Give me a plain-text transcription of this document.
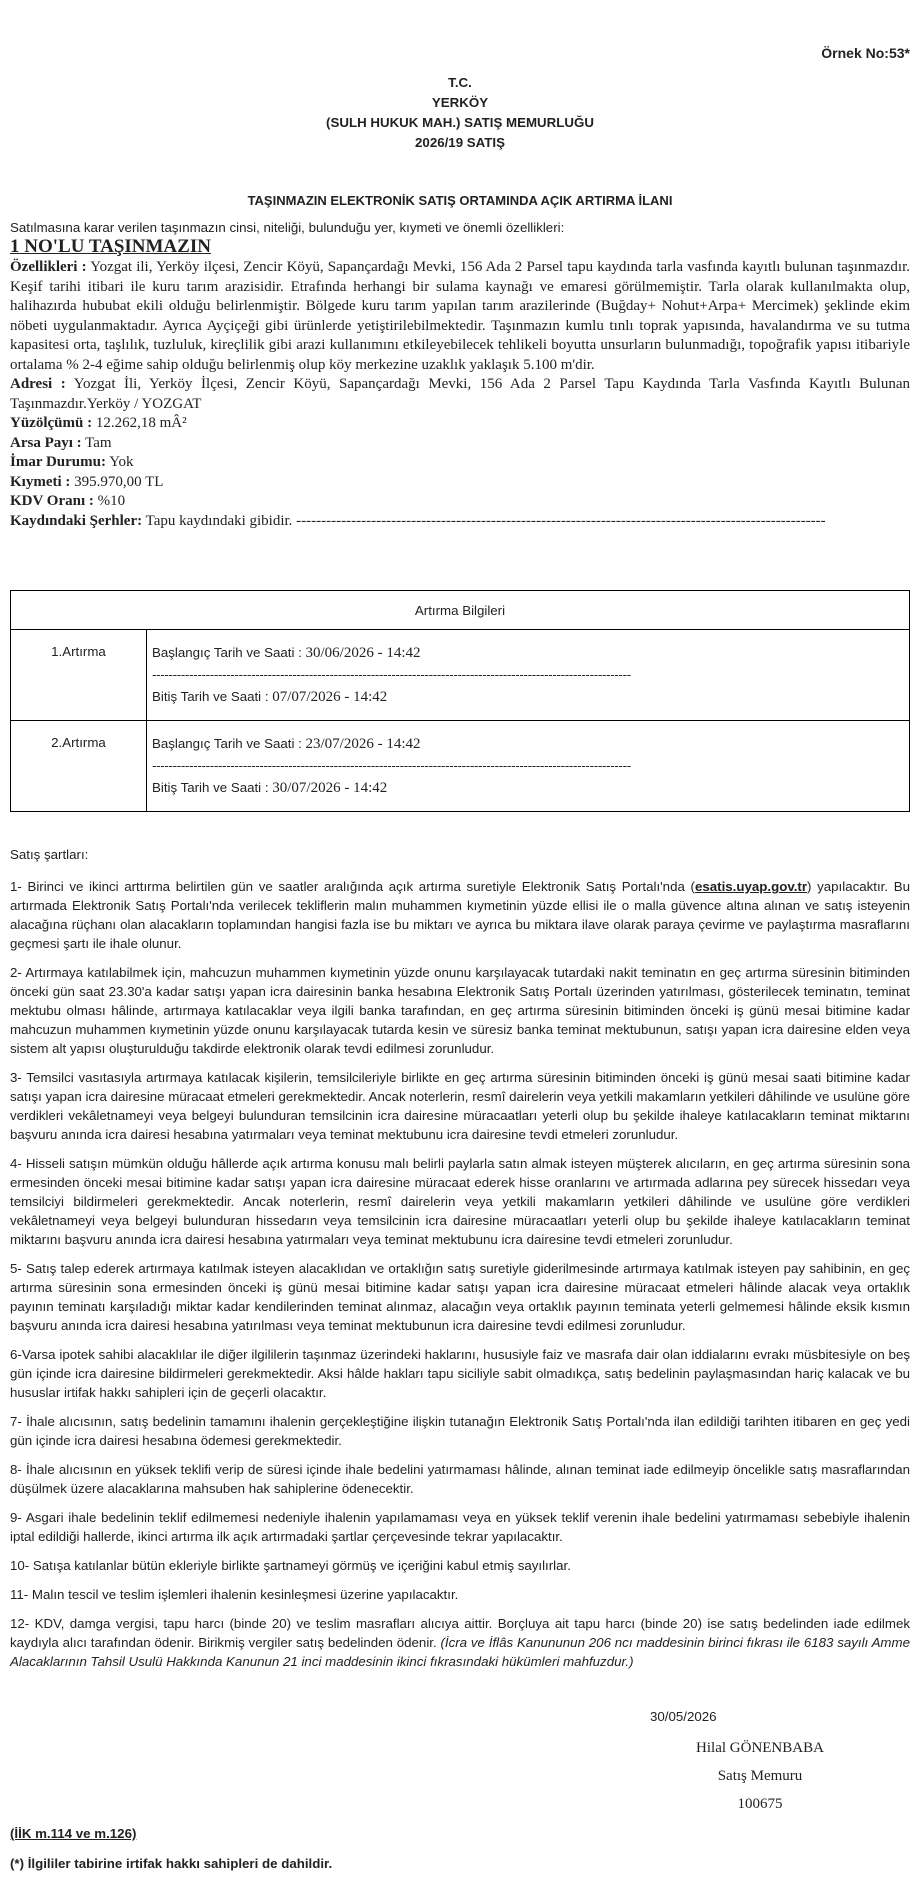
Örnek No:53*
T.C.
YERKÖY
(SULH HUKUK MAH.) SATIŞ MEMURLUĞU
2026/19 SATIŞ
TAŞINMAZIN ELEKTRONİK SATIŞ ORTAMINDA AÇIK ARTIRMA İLANI
Satılmasına karar verilen taşınmazın cinsi, niteliği, bulunduğu yer, kıymeti ve önemli özellikleri:
1 NO'LU TAŞINMAZIN
Özellikleri : Yozgat ili, Yerköy ilçesi, Zencir Köyü, Sapançardağı Mevki, 156 Ada 2 Parsel tapu kaydında tarla vasfında kayıtlı bulunan taşınmazdır. Keşif tarihi itibari ile kuru tarım arazisidir. Etrafında herhangi bir sulama kaynağı ve emaresi görülmemiştir. Tarla olarak kullanılmakta olup, halihazırda hububat ekili olduğu belirlenmiştir. Bölgede kuru tarım yapılan tarım arazilerinde (Buğday+ Nohut+Arpa+ Mercimek) şeklinde ekim nöbeti uygulanmaktadır. Ayrıca Ayçiçeği gibi ürünlerde yetiştirilebilmektedir. Taşınmazın kumlu tınlı toprak yapısında, havalandırma ve su tutma kapasitesi orta, taşlılık, tuzluluk, kireçlilik gibi arazi kullanımını etkileyebilecek tehlikeli boyutta unsurların bulunmadığı, topoğrafik yapısı itibariyle ortalama % 2-4 eğime sahip olduğu belirlenmiş olup köy merkezine uzaklık yaklaşık 5.100 m'dir.
Adresi : Yozgat İli, Yerköy İlçesi, Zencir Köyü, Sapançardağı Mevki, 156 Ada 2 Parsel Tapu Kaydında Tarla Vasfında Kayıtlı Bulunan Taşınmazdır.Yerköy / YOZGAT
Yüzölçümü : 12.262,18 mÂ²
Arsa Payı : Tam
İmar Durumu: Yok
Kıymeti : 395.970,00 TL
KDV Oranı : %10
Kaydındaki Şerhler: Tapu kaydındaki gibidir. ----------------------------------------------------------------------------------------------------------
Artırma Bilgileri	
1.Artırma	Başlangıç Tarih ve Saati : 30/06/2026 - 14:42
--------------------------------------------------------------------------------------------------------------------
Bitiş Tarih ve Saati : 07/07/2026 - 14:42

2.Artırma	Başlangıç Tarih ve Saati : 23/07/2026 - 14:42
--------------------------------------------------------------------------------------------------------------------
Bitiş Tarih ve Saati : 30/07/2026 - 14:42

Satış şartları:

1- Birinci ve ikinci arttırma belirtilen gün ve saatler aralığında açık artırma suretiyle Elektronik Satış Portalı'nda (esatis.uyap.gov.tr) yapılacaktır. Bu artırmada Elektronik Satış Portalı'nda verilecek tekliflerin malın muhammen kıymetinin yüzde ellisi ile o malla güvence altına alınan ve satış isteyenin alacağına rüçhanı olan alacakların toplamından hangisi fazla ise bu miktarı ve ayrıca bu miktara ilave olarak paraya çevirme ve paylaştırma masraflarını geçmesi şartı ile ihale olunur.

2- Artırmaya katılabilmek için, mahcuzun muhammen kıymetinin yüzde onunu karşılayacak tutardaki nakit teminatın en geç artırma süresinin bitiminden önceki gün saat 23.30'a kadar satışı yapan icra dairesinin banka hesabına Elektronik Satış Portalı üzerinden yatırılması, gösterilecek teminatın, teminat mektubu olması hâlinde, artırmaya katılacaklar veya ilgili banka tarafından, en geç artırma süresinin bitiminden önceki iş günü mesai bitimine kadar mahcuzun muhammen kıymetinin yüzde onunu karşılayacak tutarda kesin ve süresiz banka teminat mektubunun, satışı yapan icra dairesine elden veya sistem alt yapısı oluşturulduğu takdirde elektronik olarak tevdi edilmesi zorunludur.

3- Temsilci vasıtasıyla artırmaya katılacak kişilerin, temsilcileriyle birlikte en geç artırma süresinin bitiminden önceki iş günü mesai saati bitimine kadar satışı yapan icra dairesine müracaat etmeleri gerekmektedir. Ancak noterlerin, resmî dairelerin veya yetkili makamların yetkileri dâhilinde ve usulüne göre verdikleri vekâletnameyi veya belgeyi bulunduran temsilcinin icra dairesine müracaatları yeterli olup bu şekilde ihaleye katılacakların teminat miktarını başvuru anında icra dairesi hesabına yatırmaları veya teminat mektubunu icra dairesine tevdi etmeleri zorunludur.

4- Hisseli satışın mümkün olduğu hâllerde açık artırma konusu malı belirli paylarla satın almak isteyen müşterek alıcıların, en geç artırma süresinin sona ermesinden önceki mesai bitimine kadar satışı yapan icra dairesine müracaat ederek hisse oranlarını ve artırmada adlarına pey sürecek hissedarı veya temsilciyi bildirmeleri gerekmektedir. Ancak noterlerin, resmî dairelerin veya yetkili makamların yetkileri dâhilinde ve usulüne göre verdikleri vekâletnameyi veya belgeyi bulunduran hissedarın veya temsilcinin icra dairesine müracaatları yeterli olup bu şekilde ihaleye katılacakların teminat miktarını başvuru anında icra dairesi hesabına yatırmaları veya teminat mektubunu icra dairesine tevdi etmeleri zorunludur.

5- Satış talep ederek artırmaya katılmak isteyen alacaklıdan ve ortaklığın satış suretiyle giderilmesinde artırmaya katılmak isteyen pay sahibinin, en geç artırma süresinin sona ermesinden önceki iş günü mesai bitimine kadar satışı yapan icra dairesine müracaat etmeleri hâlinde alacak veya ortaklık payının teminatı karşıladığı miktar kadar kendilerinden teminat alınmaz, alacağın veya ortaklık payının teminata yeterli gelmemesi hâlinde eksik kısmın başvuru anında icra dairesi hesabına yatırılması veya teminat mektubunun icra dairesine tevdi edilmesi zorunludur.

6-Varsa ipotek sahibi alacaklılar ile diğer ilgililerin taşınmaz üzerindeki haklarını, hususiyle faiz ve masrafa dair olan iddialarını evrakı müsbitesiyle on beş gün içinde icra dairesine bildirmeleri gerekmektedir. Aksi hâlde hakları tapu siciliyle sabit olmadıkça, satış bedelinin paylaşmasından hariç kalacak ve bu hususlar irtifak hakkı sahipleri için de geçerli olacaktır.

7- İhale alıcısının, satış bedelinin tamamını ihalenin gerçekleştiğine ilişkin tutanağın Elektronik Satış Portalı'nda ilan edildiği tarihten itibaren en geç yedi gün içinde icra dairesi hesabına ödemesi gerekmektedir.

8- İhale alıcısının en yüksek teklifi verip de süresi içinde ihale bedelini yatırmaması hâlinde, alınan teminat iade edilmeyip öncelikle satış masraflarından düşülmek üzere alacaklarına mahsuben hak sahiplerine ödenecektir.

9- Asgari ihale bedelinin teklif edilmemesi nedeniyle ihalenin yapılamaması veya en yüksek teklif verenin ihale bedelini yatırmaması sebebiyle ihalenin iptal edildiği hallerde, ikinci artırma ilk açık artırmadaki şartlar çerçevesinde tekrar yapılacaktır.

10- Satışa katılanlar bütün ekleriyle birlikte şartnameyi görmüş ve içeriğini kabul etmiş sayılırlar.

11- Malın tescil ve teslim işlemleri ihalenin kesinleşmesi üzerine yapılacaktır.

12- KDV, damga vergisi, tapu harcı (binde 20) ve teslim masrafları alıcıya aittir. Borçluya ait tapu harcı (binde 20) ise satış bedelinden iade edilmek kaydıyla alıcı tarafından ödenir. Birikmiş vergiler satış bedelinden ödenir. (İcra ve İflâs Kanununun 206 ncı maddesinin birinci fıkrası ile 6183 sayılı Amme Alacaklarının Tahsil Usulü Hakkında Kanunun 21 inci maddesinin ikinci fıkrasındaki hükümleri mahfuzdur.)

30/05/2026
Hilal GÖNENBABA
Satış Memuru
100675
(İİK m.114 ve m.126)
(*) İlgililer tabirine irtifak hakkı sahipleri de dahildir.
